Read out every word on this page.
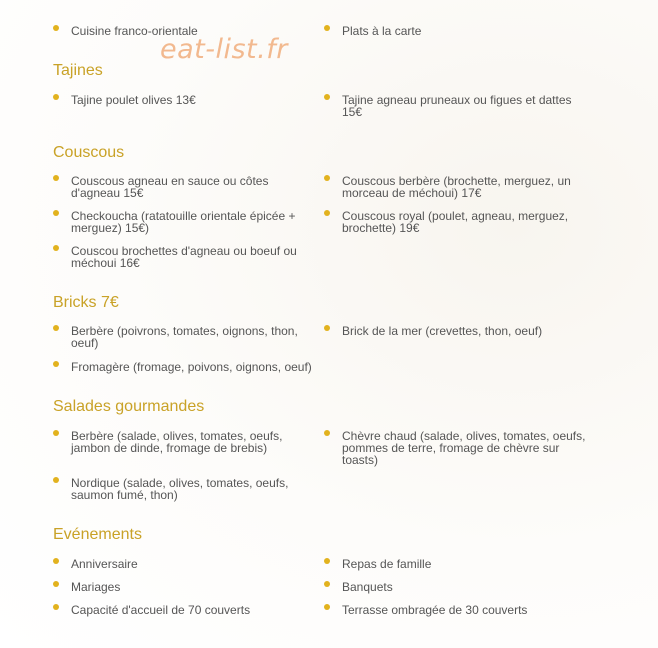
eat-list.fr
Cuisine franco-orientale	Plats à la carte
Tajines
Tajine poulet olives 13€	Tajine agneau pruneaux ou figues et dattes 15€
Couscous
Couscous agneau en sauce ou côtes d'agneau 15€
Couscous berbère (brochette, merguez, un morceau de méchoui) 17€
Checkoucha (ratatouille orientale épicée + merguez) 15€)
Couscous royal (poulet, agneau, merguez, brochette) 19€
Couscou brochettes d'agneau ou boeuf ou méchoui 16€
Bricks 7€
Berbère (poivrons, tomates, oignons, thon, oeuf)
Brick de la mer (crevettes, thon, oeuf)
Fromagère (fromage, poivons, oignons, oeuf)
Salades gourmandes
Berbère (salade, olives, tomates, oeufs, jambon de dinde, fromage de brebis)
Chèvre chaud (salade, olives, tomates, oeufs, pommes de terre, fromage de chèvre sur toasts)
Nordique (salade, olives, tomates, oeufs, saumon fumé, thon)
Evénements
Anniversaire	Repas de famille
Mariages	Banquets
Capacité d'accueil de 70 couverts	Terrasse ombragée de 30 couverts
